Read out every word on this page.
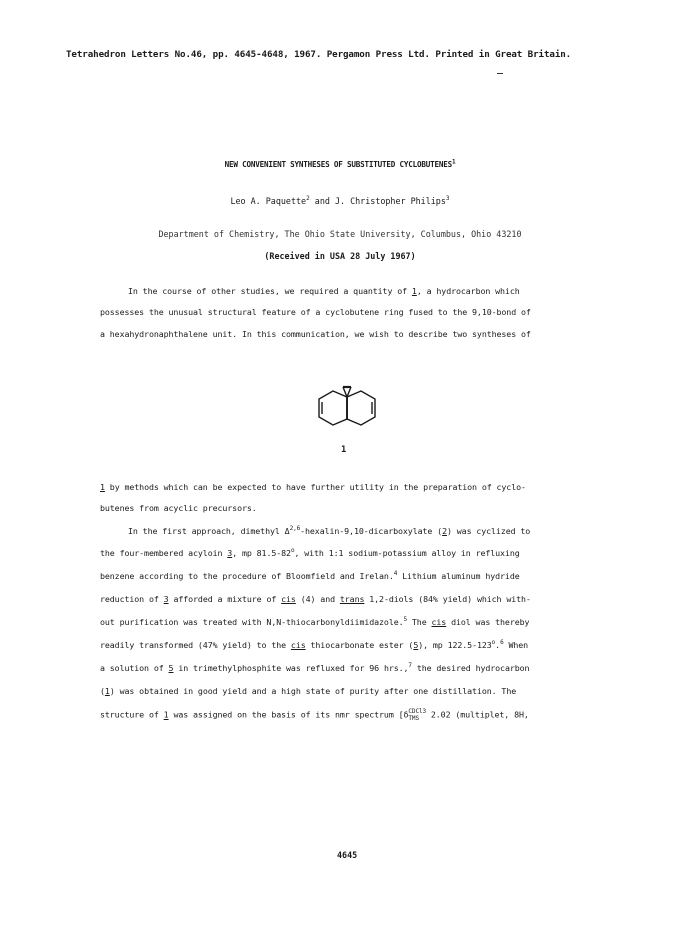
Tetrahedron Letters No.46, pp. 4645-4648, 1967. Pergamon Press Ltd. Printed in Great Britain.
NEW CONVENIENT SYNTHESES OF SUBSTITUTED CYCLOBUTENES$^1$
Leo A. Paquette$^2$ and J. Christopher Philips$^3$
Department of Chemistry, The Ohio State University, Columbus, Ohio 43210
(Received in USA 28 July 1967)
In the course of other studies, we required a quantity of 1, a hydrocarbon which
possesses the unusual structural feature of a cyclobutene ring fused to the 9,10-bond of
a hexahydronaphthalene unit. In this communication, we wish to describe two syntheses of
1
1 by methods which can be expected to have further utility in the preparation of cyclo-
butenes from acyclic precursors.
In the first approach, dimethyl Δ$^{2,6}$-hexalin-9,10-dicarboxylate (2) was cyclized to
the four-membered acyloin 3, mp 81.5-82$^o$, with 1:1 sodium-potassium alloy in refluxing
benzene according to the procedure of Bloomfield and Irelan.$^4$ Lithium aluminum hydride
reduction of 3 afforded a mixture of cis (4) and trans 1,2-diols (84% yield) which with-
out purification was treated with N,N-thiocarbonyldiimidazole.$^5$ The cis diol was thereby
readily transformed (47% yield) to the cis thiocarbonate ester (5), mp 122.5-123$^o$.$^6$ When
a solution of 5 in trimethylphosphite was refluxed for 96 hrs.,$^7$ the desired hydrocarbon
(1) was obtained in good yield and a high state of purity after one distillation. The
structure of 1 was assigned on the basis of its nmr spectrum [δ CDCl3
TMS 2.02 (multiplet, 8H,
4645
